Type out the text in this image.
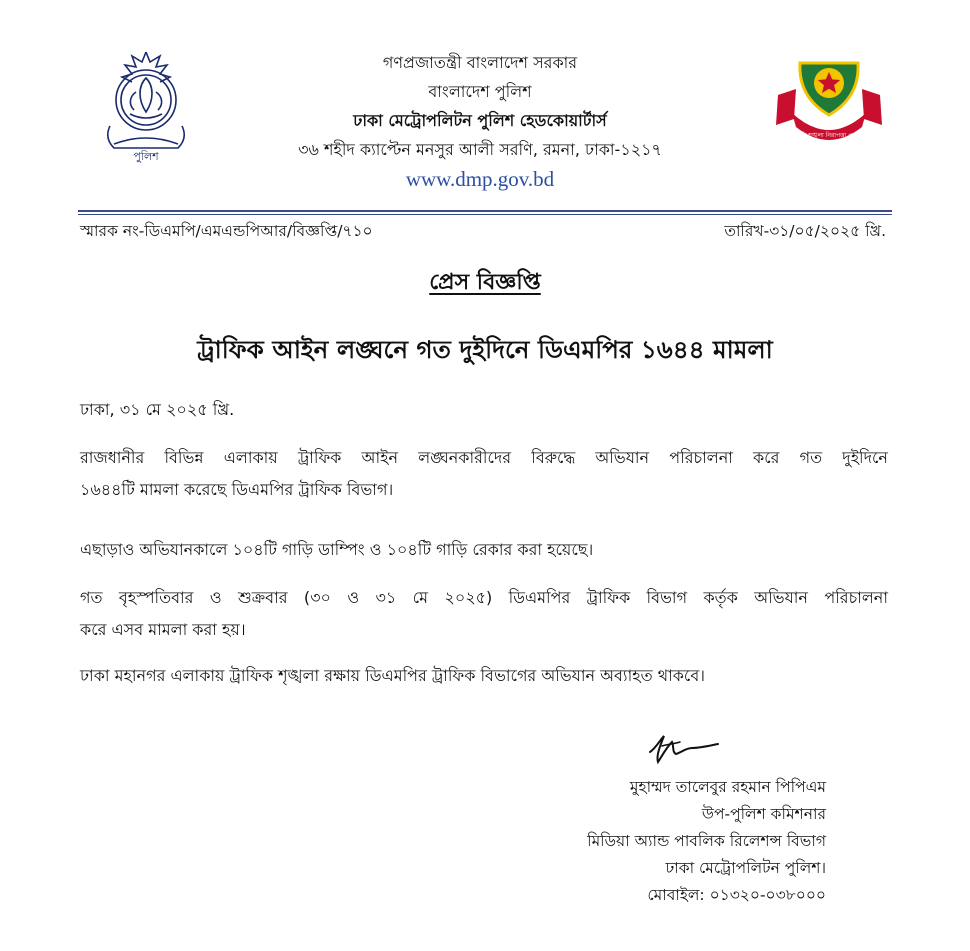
পুলিশ
গণপ্রজাতন্ত্রী বাংলাদেশ সরকার
বাংলাদেশ পুলিশ
ঢাকা মেট্রোপলিটন পুলিশ হেডকোয়ার্টার্স
৩৬ শহীদ ক্যাপ্টেন মনসুর আলী সরণি, রমনা, ঢাকা-১২১৭
www.dmp.gov.bd
শান্তি শৃঙ্খলা নিরাপত্তা প্রগতি
স্মারক নং-ডিএমপি/এমএন্ডপিআর/বিজ্ঞপ্তি/৭১০	তারিখ-৩১/০৫/২০২৫ খ্রি.
প্রেস বিজ্ঞপ্তি
ট্রাফিক আইন লঙ্ঘনে গত দুইদিনে ডিএমপির ১৬৪৪ মামলা
ঢাকা, ৩১ মে ২০২৫ খ্রি.
রাজধানীর বিভিন্ন এলাকায় ট্রাফিক আইন লঙ্ঘনকারীদের বিরুদ্ধে অভিযান পরিচালনা করে গত দুইদিনে
১৬৪৪টি মামলা করেছে ডিএমপির ট্রাফিক বিভাগ।
এছাড়াও অভিযানকালে ১০৪টি গাড়ি ডাম্পিং ও ১০৪টি গাড়ি রেকার করা হয়েছে।
গত বৃহস্পতিবার ও শুক্রবার (৩০ ও ৩১ মে ২০২৫) ডিএমপির ট্রাফিক বিভাগ কর্তৃক অভিযান পরিচালনা
করে এসব মামলা করা হয়।
ঢাকা মহানগর এলাকায় ট্রাফিক শৃঙ্খলা রক্ষায় ডিএমপির ট্রাফিক বিভাগের অভিযান অব্যাহত থাকবে।
মুহাম্মদ তালেবুর রহমান পিপিএম
উপ-পুলিশ কমিশনার
মিডিয়া অ্যান্ড পাবলিক রিলেশন্স বিভাগ
ঢাকা মেট্রোপলিটন পুলিশ।
মোবাইল: ০১৩২০-০৩৮০০০
